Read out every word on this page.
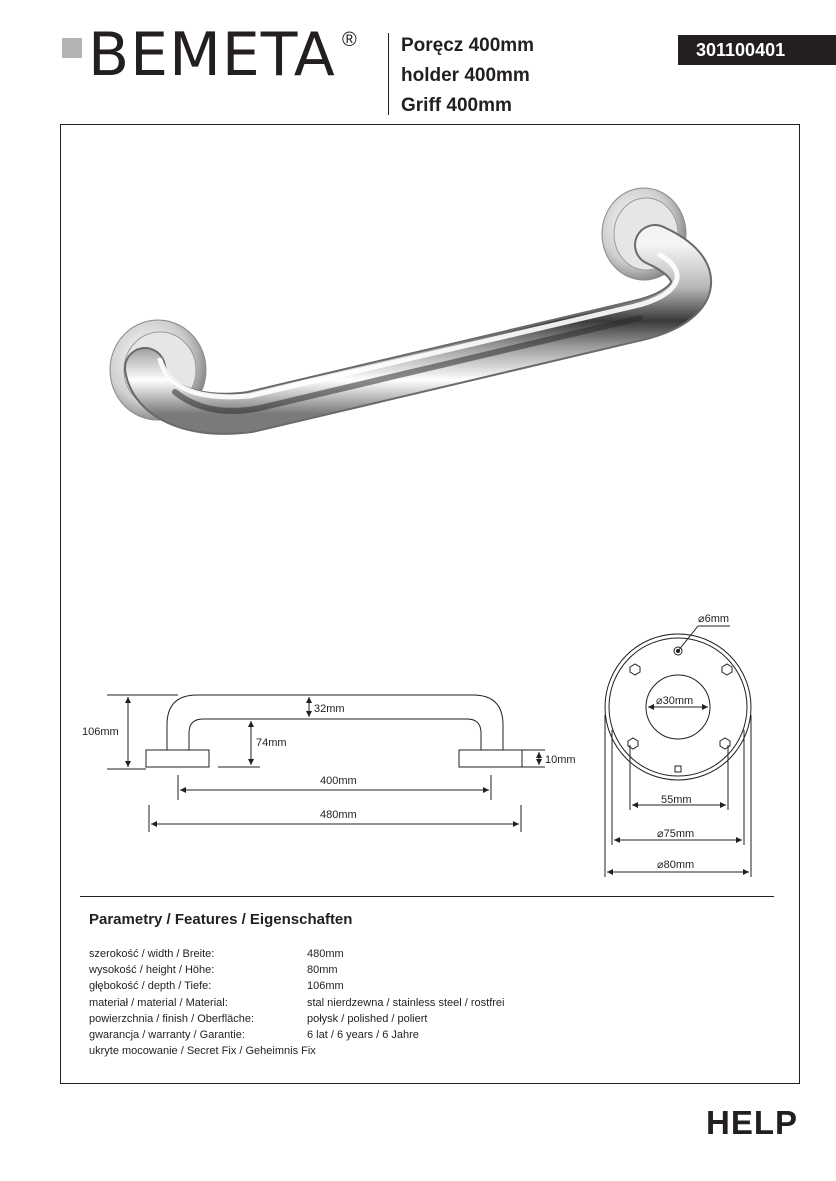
BEMETA ® Poręcz 400mm
holder 400mm
Griff 400mm
301100401
106mm
32mm
74mm
10mm
400mm
480mm
⌀6mm
⌀30mm
55mm
⌀75mm
⌀80mm
Parametry / Features / Eigenschaften
szerokość / width / Breite:	480mm
wysokość / height / Höhe:	80mm
głębokość / depth / Tiefe:	106mm
materiał / material / Material:	stal nierdzewna / stainless steel / rostfrei
powierzchnia / finish / Oberfläche:	połysk / polished / poliert
gwarancja / warranty / Garantie:	6 lat / 6 years / 6 Jahre
ukryte mocowanie / Secret Fix / Geheimnis Fix
HELP
